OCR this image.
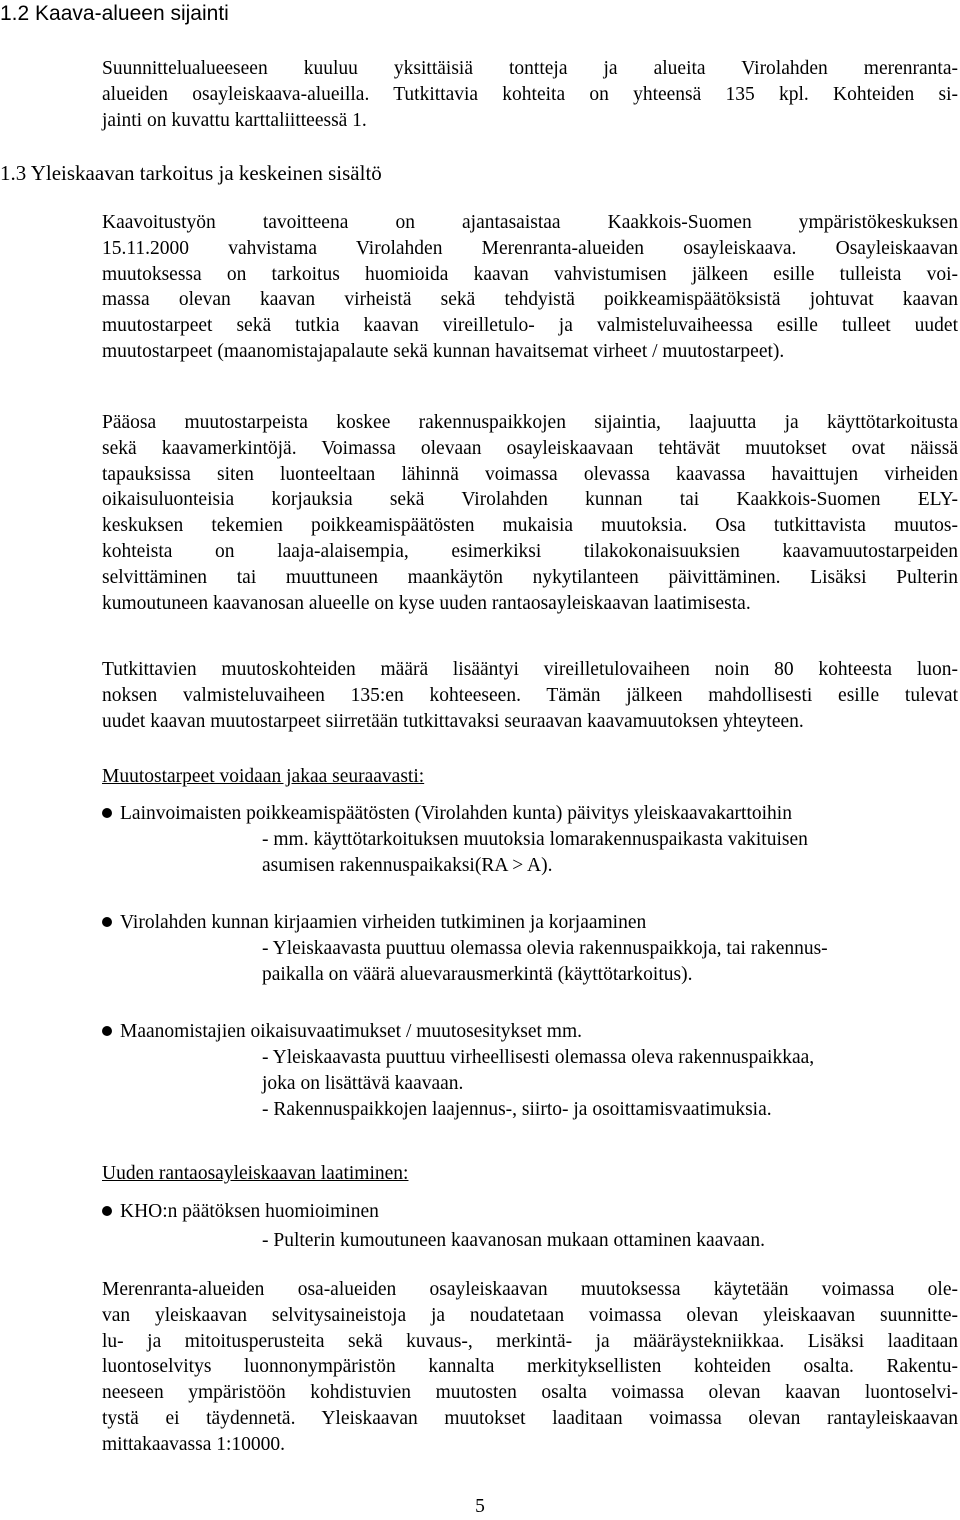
1.2 Kaava-alueen sijainti
Suunnittelualueeseen kuuluu yksittäisiä tontteja ja alueita Virolahden merenranta-
alueiden osayleiskaava-alueilla. Tutkittavia kohteita on yhteensä 135 kpl. Kohteiden si-
jainti on kuvattu karttaliitteessä 1.
1.3 Yleiskaavan tarkoitus ja keskeinen sisältö
Kaavoitustyön tavoitteena on ajantasaistaa Kaakkois-Suomen ympäristökeskuksen
15.11.2000 vahvistama Virolahden Merenranta-alueiden osayleiskaava. Osayleiskaavan
muutoksessa on tarkoitus huomioida kaavan vahvistumisen jälkeen esille tulleista voi-
massa olevan kaavan virheistä sekä tehdyistä poikkeamispäätöksistä johtuvat kaavan
muutostarpeet sekä tutkia kaavan vireilletulo- ja valmisteluvaiheessa esille tulleet uudet
muutostarpeet (maanomistajapalaute sekä kunnan havaitsemat virheet / muutostarpeet).
Pääosa muutostarpeista koskee rakennuspaikkojen sijaintia, laajuutta ja käyttötarkoitusta
sekä kaavamerkintöjä. Voimassa olevaan osayleiskaavaan tehtävät muutokset ovat näissä
tapauksissa siten luonteeltaan lähinnä voimassa olevassa kaavassa havaittujen virheiden
oikaisuluonteisia korjauksia sekä Virolahden kunnan tai Kaakkois-Suomen ELY-
keskuksen tekemien poikkeamispäätösten mukaisia muutoksia. Osa tutkittavista muutos-
kohteista on laaja-alaisempia, esimerkiksi tilakokonaisuuksien kaavamuutostarpeiden
selvittäminen tai muuttuneen maankäytön nykytilanteen päivittäminen. Lisäksi Pulterin
kumoutuneen kaavanosan alueelle on kyse uuden rantaosayleiskaavan laatimisesta.
Tutkittavien muutoskohteiden määrä lisääntyi vireilletulovaiheen noin 80 kohteesta luon-
noksen valmisteluvaiheen 135:en kohteeseen. Tämän jälkeen mahdollisesti esille tulevat
uudet kaavan muutostarpeet siirretään tutkittavaksi seuraavan kaavamuutoksen yhteyteen.
Muutostarpeet voidaan jakaa seuraavasti:
Lainvoimaisten poikkeamispäätösten (Virolahden kunta) päivitys yleiskaavakarttoihin
- mm. käyttötarkoituksen muutoksia lomarakennuspaikasta vakituisen
asumisen rakennuspaikaksi(RA > A).
Virolahden kunnan kirjaamien virheiden tutkiminen ja korjaaminen
- Yleiskaavasta puuttuu olemassa olevia rakennuspaikkoja, tai rakennus-
paikalla on väärä aluevarausmerkintä (käyttötarkoitus).
Maanomistajien oikaisuvaatimukset / muutosesitykset mm.
- Yleiskaavasta puuttuu virheellisesti olemassa oleva rakennuspaikkaa,
joka on lisättävä kaavaan.
- Rakennuspaikkojen laajennus-, siirto- ja osoittamisvaatimuksia.
Uuden rantaosayleiskaavan laatiminen:
KHO:n päätöksen huomioiminen
- Pulterin kumoutuneen kaavanosan mukaan ottaminen kaavaan.
Merenranta-alueiden osa-alueiden osayleiskaavan muutoksessa käytetään voimassa ole-
van yleiskaavan selvitysaineistoja ja noudatetaan voimassa olevan yleiskaavan suunnitte-
lu- ja mitoitusperusteita sekä kuvaus-, merkintä- ja määräystekniikkaa. Lisäksi laaditaan
luontoselvitys luonnonympäristön kannalta merkityksellisten kohteiden osalta. Rakentu-
neeseen ympäristöön kohdistuvien muutosten osalta voimassa olevan kaavan luontoselvi-
tystä ei täydennetä. Yleiskaavan muutokset laaditaan voimassa olevan rantayleiskaavan
mittakaavassa 1:10000.
5
